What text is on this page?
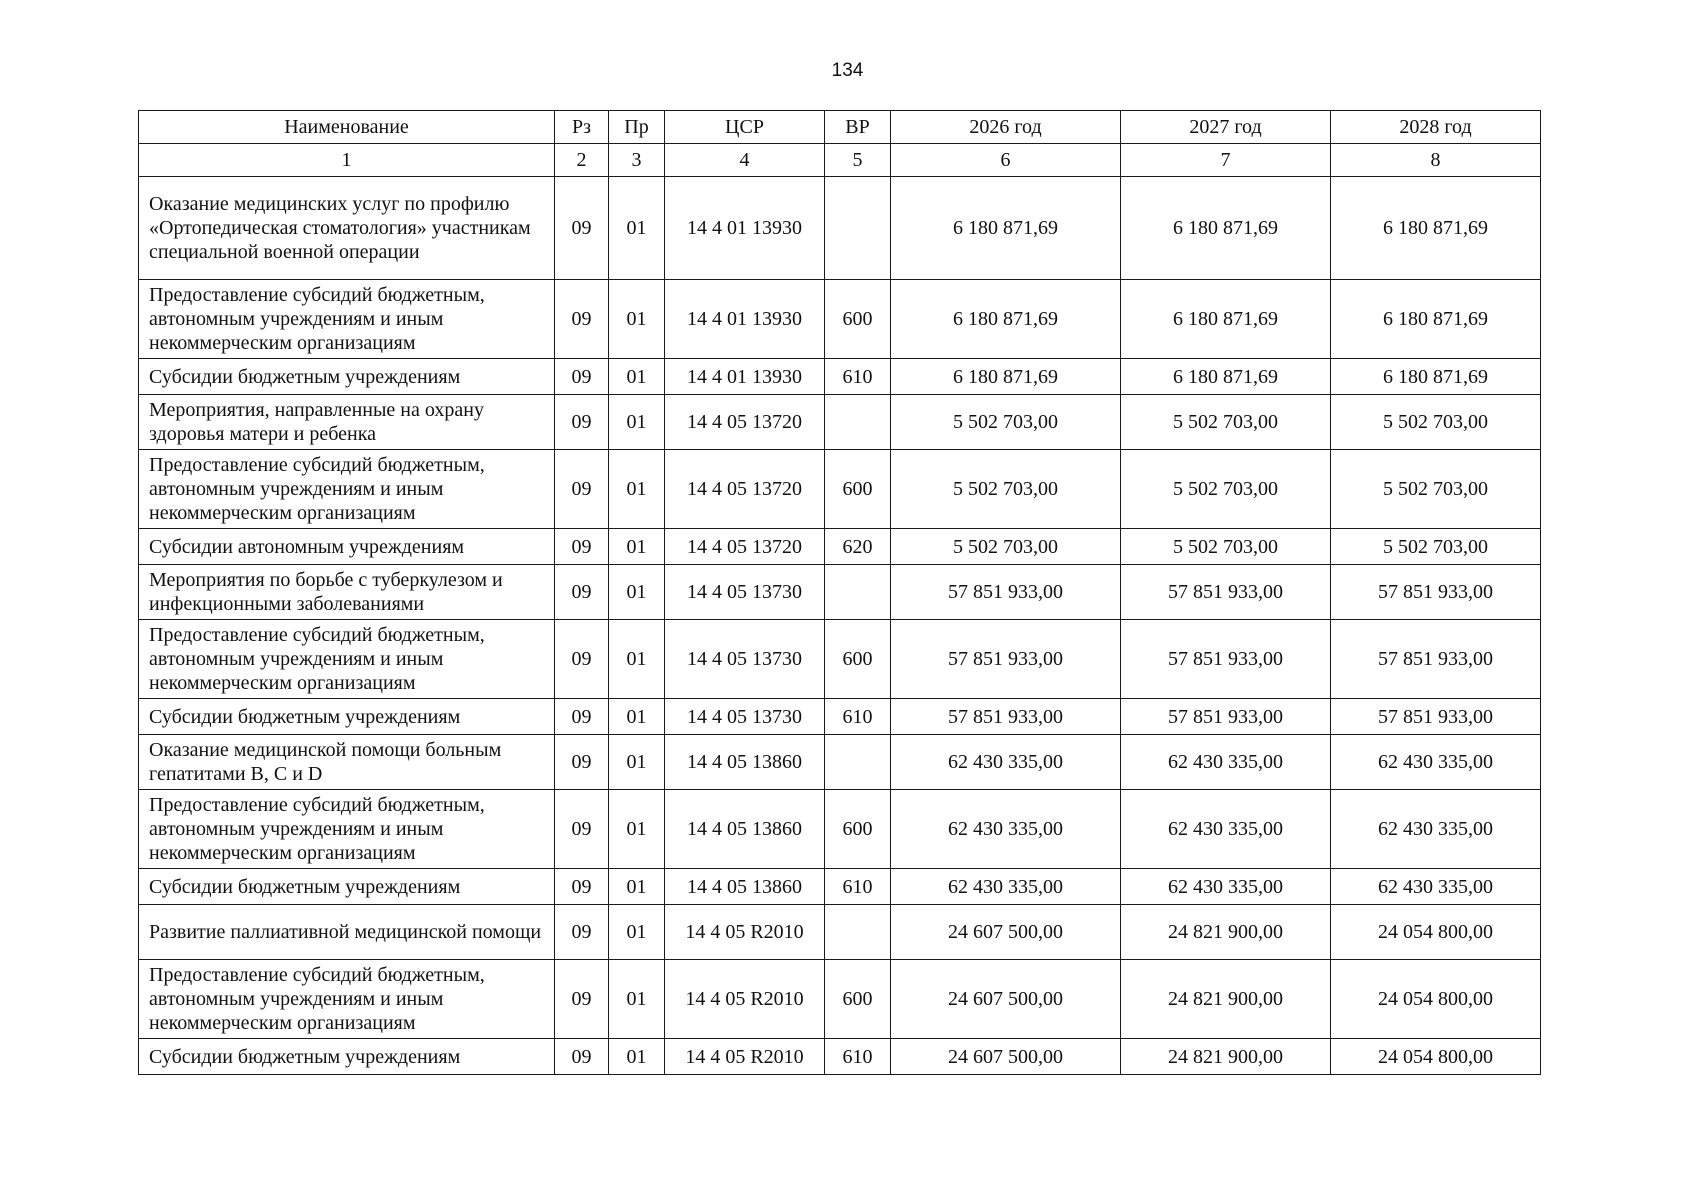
134
Наименование	Рз	Пр	ЦСР	ВР	2026 год	2027 год	2028 год
1	2	3	4	5	6	7	8
Оказание медицинских услуг по профилю «Ортопедическая стоматология» участникам специальной военной операции	09	01	14 4 01 13930		6 180 871,69	6 180 871,69	6 180 871,69
Предоставление субсидий бюджетным, автономным учреждениям и иным некоммерческим организациям	09	01	14 4 01 13930	600	6 180 871,69	6 180 871,69	6 180 871,69
Субсидии бюджетным учреждениям	09	01	14 4 01 13930	610	6 180 871,69	6 180 871,69	6 180 871,69
Мероприятия, направленные на охрану здоровья матери и ребенка	09	01	14 4 05 13720		5 502 703,00	5 502 703,00	5 502 703,00
Предоставление субсидий бюджетным, автономным учреждениям и иным некоммерческим организациям	09	01	14 4 05 13720	600	5 502 703,00	5 502 703,00	5 502 703,00
Субсидии автономным учреждениям	09	01	14 4 05 13720	620	5 502 703,00	5 502 703,00	5 502 703,00
Мероприятия по борьбе с туберкулезом и инфекционными заболеваниями	09	01	14 4 05 13730		57 851 933,00	57 851 933,00	57 851 933,00
Предоставление субсидий бюджетным, автономным учреждениям и иным некоммерческим организациям	09	01	14 4 05 13730	600	57 851 933,00	57 851 933,00	57 851 933,00
Субсидии бюджетным учреждениям	09	01	14 4 05 13730	610	57 851 933,00	57 851 933,00	57 851 933,00
Оказание медицинской помощи больным гепатитами B, C и D	09	01	14 4 05 13860		62 430 335,00	62 430 335,00	62 430 335,00
Предоставление субсидий бюджетным, автономным учреждениям и иным некоммерческим организациям	09	01	14 4 05 13860	600	62 430 335,00	62 430 335,00	62 430 335,00
Субсидии бюджетным учреждениям	09	01	14 4 05 13860	610	62 430 335,00	62 430 335,00	62 430 335,00
Развитие паллиативной медицинской помощи	09	01	14 4 05 R2010		24 607 500,00	24 821 900,00	24 054 800,00
Предоставление субсидий бюджетным, автономным учреждениям и иным некоммерческим организациям	09	01	14 4 05 R2010	600	24 607 500,00	24 821 900,00	24 054 800,00
Субсидии бюджетным учреждениям	09	01	14 4 05 R2010	610	24 607 500,00	24 821 900,00	24 054 800,00
